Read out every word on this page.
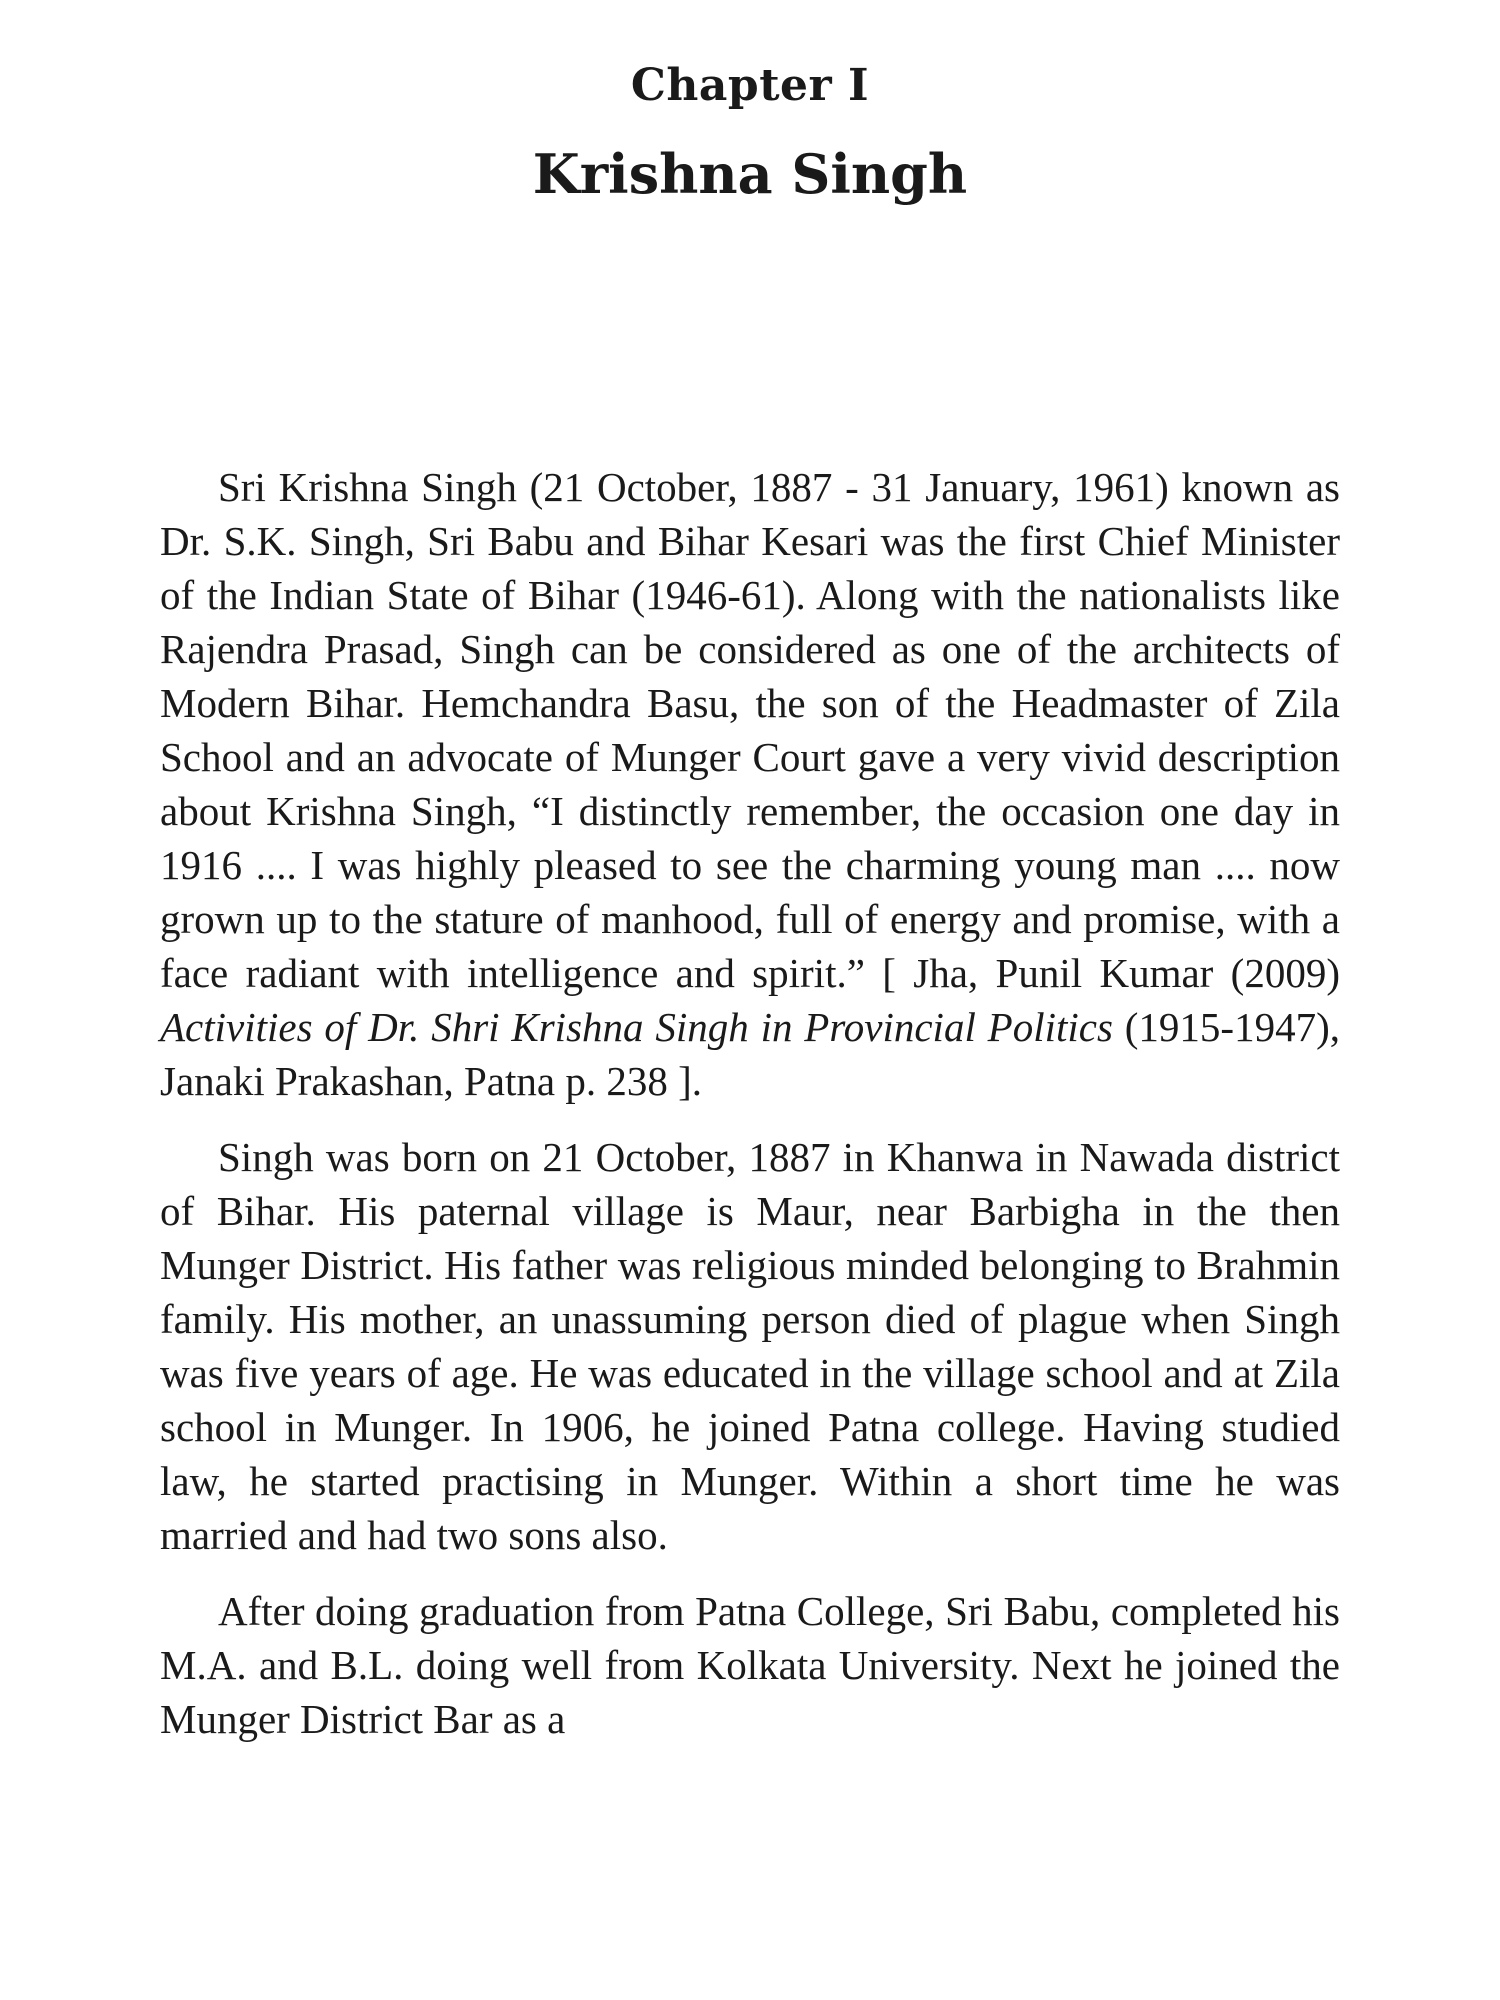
Chapter I
Krishna Singh

Sri Krishna Singh (21 October, 1887 - 31 January, 1961) known as Dr. S.K. Singh, Sri Babu and Bihar Kesari was the first Chief Minister of the Indian State of Bihar (1946-61). Along with the nationalists like Rajendra Prasad, Singh can be considered as one of the architects of Modern Bihar. Hemchandra Basu, the son of the Headmaster of Zila School and an advocate of Munger Court gave a very vivid description about Krishna Singh, “I distinctly remember, the occasion one day in 1916 .... I was highly pleased to see the charming young man .... now grown up to the stature of manhood, full of energy and promise, with a face radiant with intelligence and spirit.” [ Jha, Punil Kumar (2009) Activities of Dr. Shri Krishna Singh in Provincial Politics (1915-1947), Janaki Prakashan, Patna p. 238 ].

Singh was born on 21 October, 1887 in Khanwa in Nawada district of Bihar. His paternal village is Maur, near Barbigha in the then Munger District. His father was religious minded belonging to Brahmin family. His mother, an unassuming person died of plague when Singh was five years of age. He was educated in the village school and at Zila school in Munger. In 1906, he joined Patna college. Having studied law, he started practising in Munger. Within a short time he was married and had two sons also.

After doing graduation from Patna College, Sri Babu, completed his M.A. and B.L. doing well from Kolkata University. Next he joined the Munger District Bar as a
